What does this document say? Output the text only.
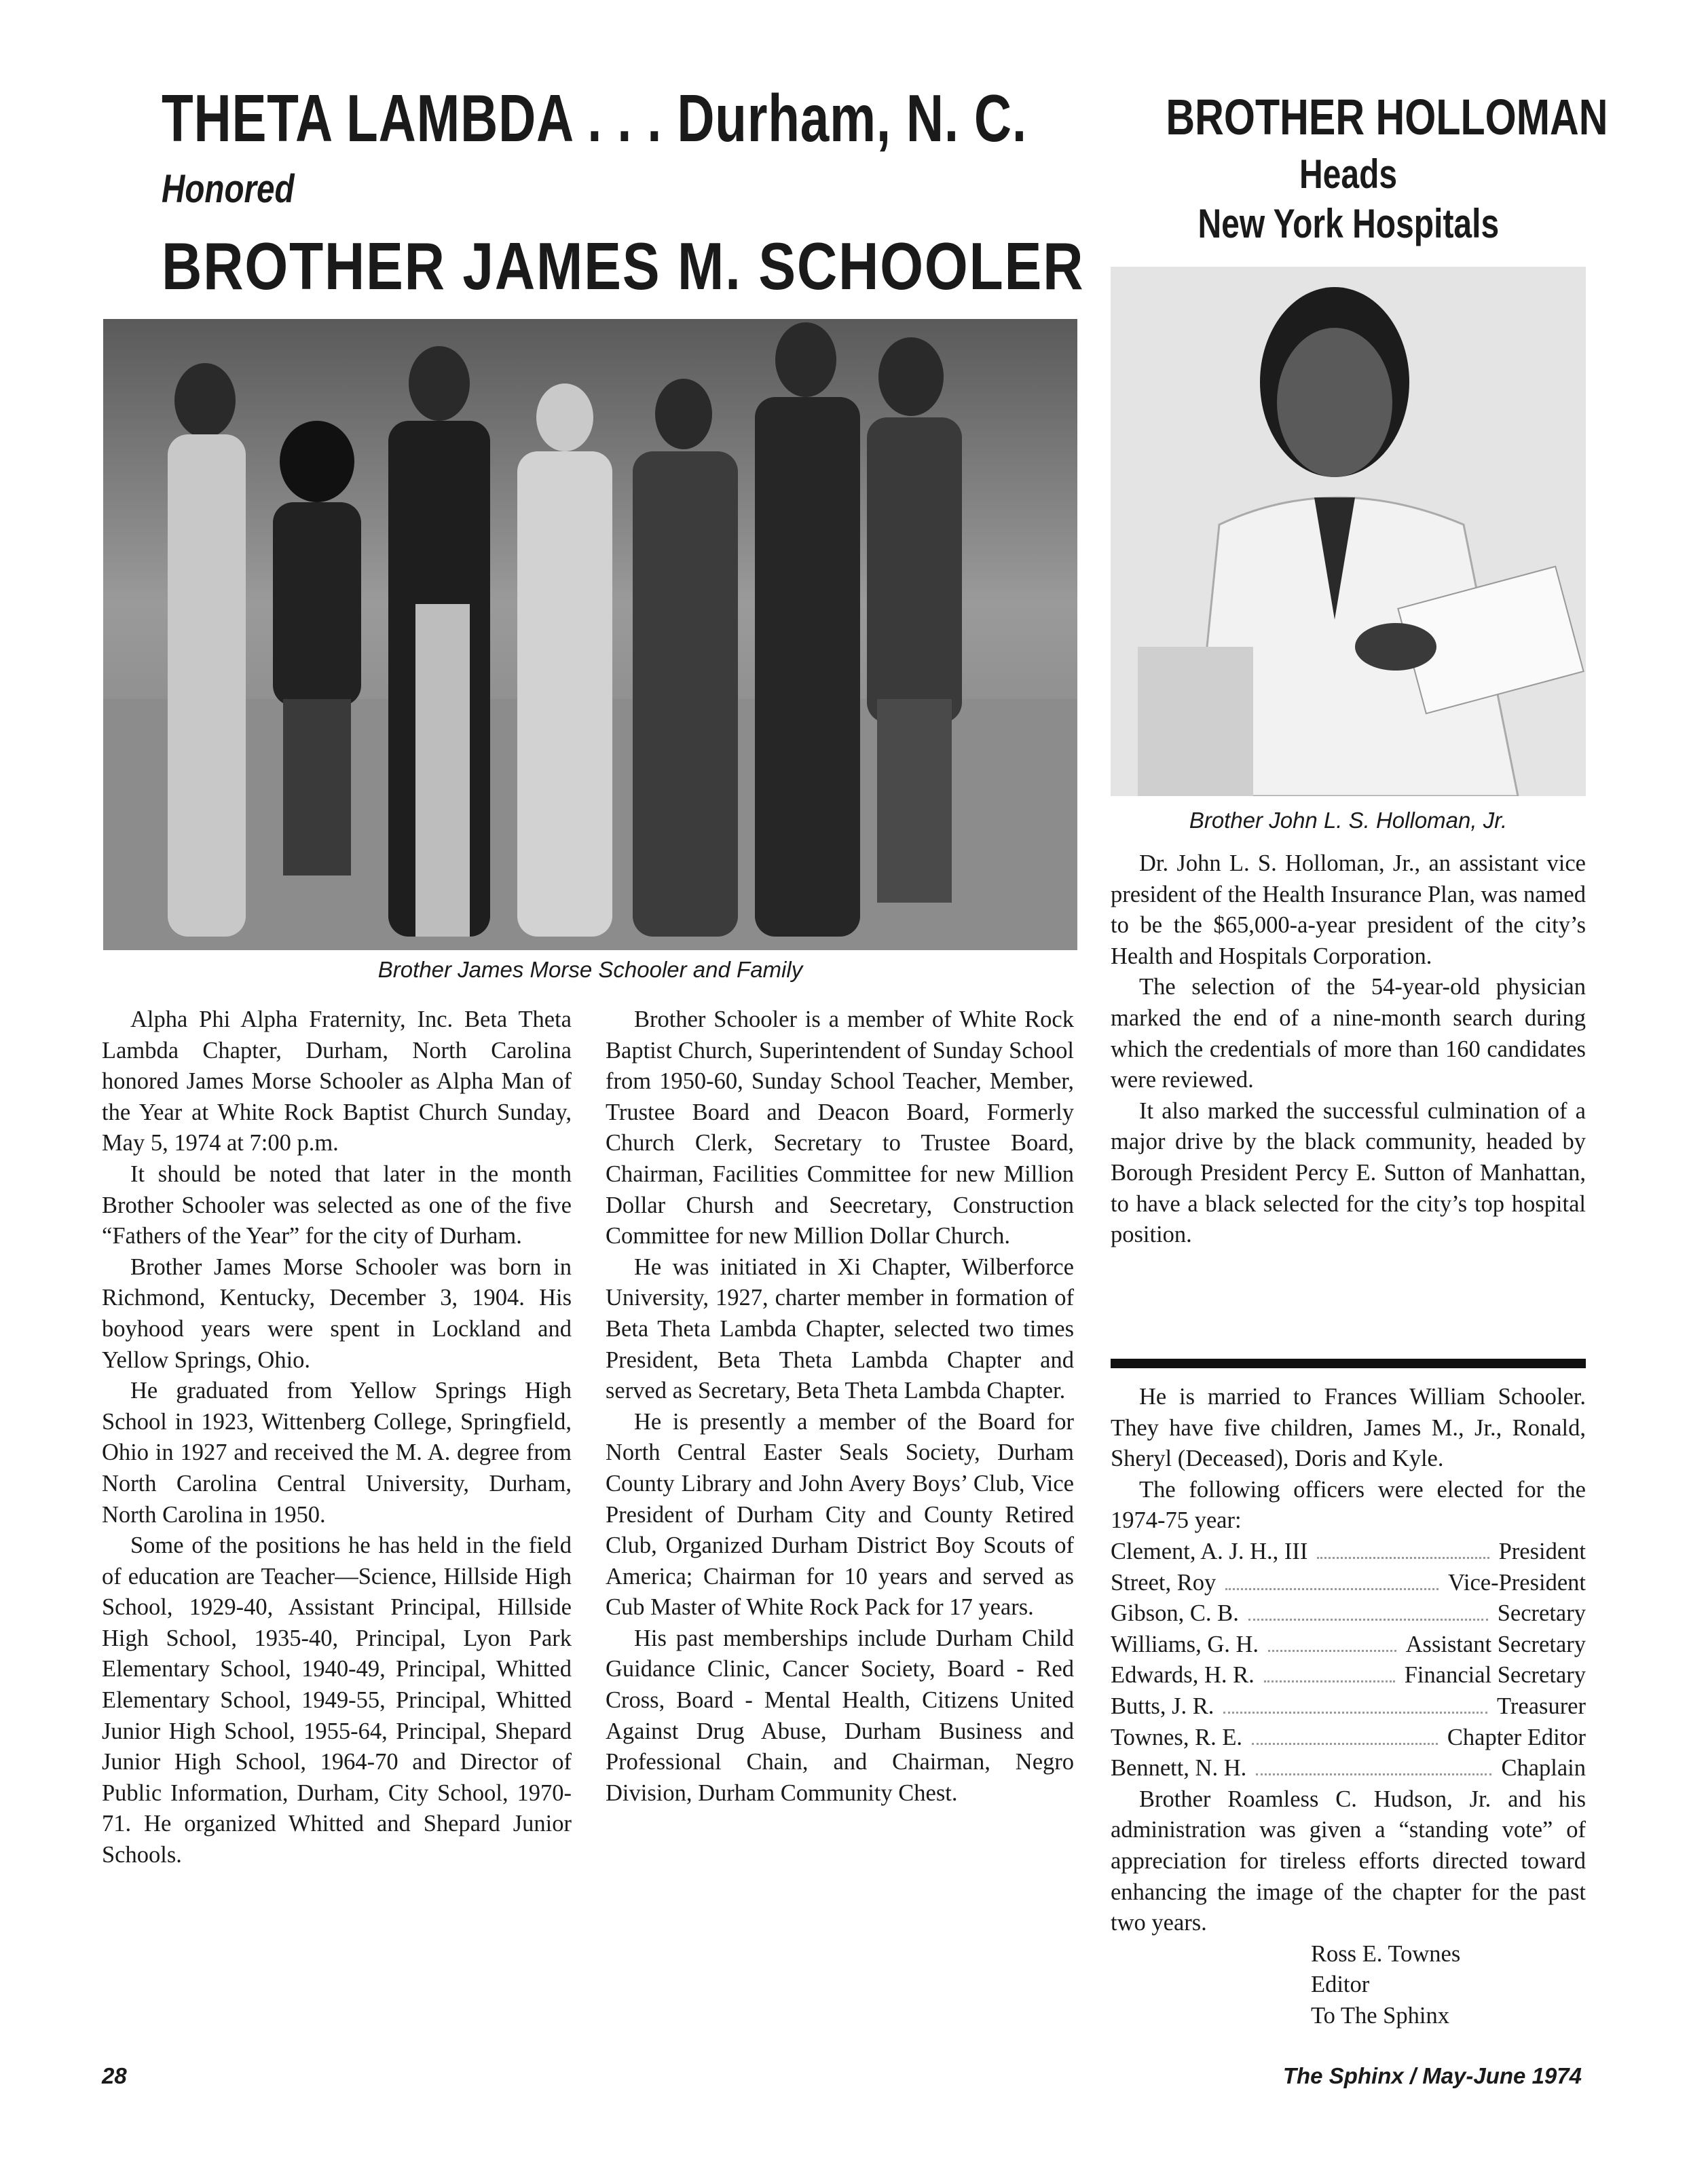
THETA LAMBDA . . . Durham, N. C.
Honored
BROTHER JAMES M. SCHOOLER
BROTHER HOLLOMAN
Heads
New York Hospitals
Brother James Morse Schooler and Family
Brother John L. S. Holloman, Jr.

Alpha Phi Alpha Fraternity, Inc. Beta Theta Lambda Chapter, Durham, North Carolina honored James Morse Schooler as Alpha Man of the Year at White Rock Baptist Church Sunday, May 5, 1974 at 7:00 p.m.

It should be noted that later in the month Brother Schooler was selected as one of the five “Fathers of the Year” for the city of Durham.

Brother James Morse Schooler was born in Richmond, Kentucky, December 3, 1904. His boyhood years were spent in Lockland and Yellow Springs, Ohio.

He graduated from Yellow Springs High School in 1923, Wittenberg College, Springfield, Ohio in 1927 and received the M. A. degree from North Carolina Central University, Durham, North Carolina in 1950.

Some of the positions he has held in the field of education are Teacher—Science, Hillside High School, 1929-40, Assistant Principal, Hillside High School, 1935-40, Principal, Lyon Park Elementary School, 1940-49, Principal, Whitted Elementary School, 1949-55, Principal, Whitted Junior High School, 1955-64, Principal, Shepard Junior High School, 1964-70 and Director of Public Information, Durham, City School, 1970-71. He organized Whitted and Shepard Junior Schools.

Brother Schooler is a member of White Rock Baptist Church, Superintendent of Sunday School from 1950-60, Sunday School Teacher, Member, Trustee Board and Deacon Board, Formerly Church Clerk, Secretary to Trustee Board, Chairman, Facilities Committee for new Million Dollar Chursh and Seecretary, Construction Committee for new Million Dollar Church.

He was initiated in Xi Chapter, Wilberforce University, 1927, charter member in formation of Beta Theta Lambda Chapter, selected two times President, Beta Theta Lambda Chapter and served as Secretary, Beta Theta Lambda Chapter.

He is presently a member of the Board for North Central Easter Seals Society, Durham County Library and John Avery Boys’ Club, Vice President of Durham City and County Retired Club, Organized Durham District Boy Scouts of America; Chairman for 10 years and served as Cub Master of White Rock Pack for 17 years.

His past memberships include Durham Child Guidance Clinic, Cancer Society, Board - Red Cross, Board - Mental Health, Citizens United Against Drug Abuse, Durham Business and Professional Chain, and Chairman, Negro Division, Durham Community Chest.

Dr. John L. S. Holloman, Jr., an assistant vice president of the Health Insurance Plan, was named to be the $65,000-a-year president of the city’s Health and Hospitals Corporation.

The selection of the 54-year-old physician marked the end of a nine-month search during which the credentials of more than 160 candidates were reviewed.

It also marked the successful culmination of a major drive by the black community, headed by Borough President Percy E. Sutton of Manhattan, to have a black selected for the city’s top hospital position.

He is married to Frances William Schooler. They have five children, James M., Jr., Ronald, Sheryl (Deceased), Doris and Kyle.

The following officers were elected for the 1974-75 year:

Clement, A. J. H., III	President
Street, Roy	Vice-President
Gibson, C. B.	Secretary
Williams, G. H.	Assistant Secretary
Edwards, H. R.	Financial Secretary
Butts, J. R.	Treasurer
Townes, R. E.	Chapter Editor
Bennett, N. H.	Chaplain

Brother Roamless C. Hudson, Jr. and his administration was given a “standing vote” of appreciation for tireless efforts directed toward enhancing the image of the chapter for the past two years.

Ross E. Townes
Editor
To The Sphinx
28	The Sphinx / May-June 1974
